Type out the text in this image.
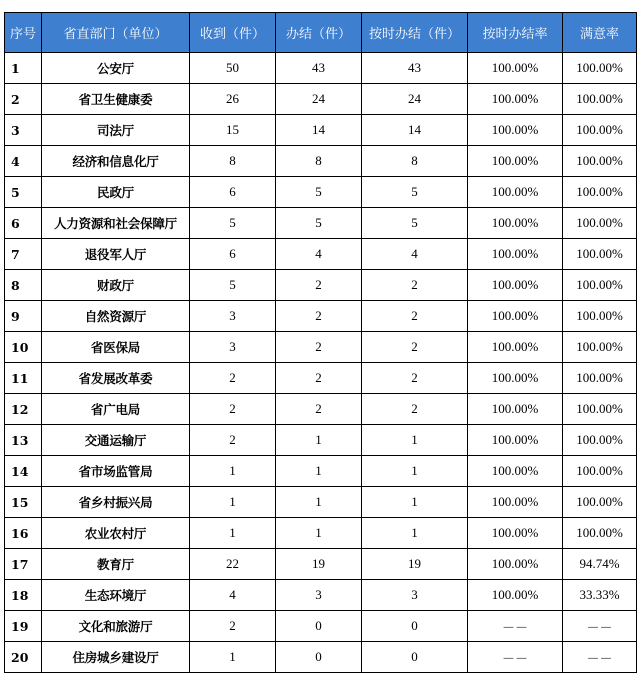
序号	省直部门（单位）	收到（件）	办结（件）	按时办结（件）	按时办结率	满意率
1	公安厅	50	43	43	100.00%	100.00%
2	省卫生健康委	26	24	24	100.00%	100.00%
3	司法厅	15	14	14	100.00%	100.00%
4	经济和信息化厅	8	8	8	100.00%	100.00%
5	民政厅	6	5	5	100.00%	100.00%
6	人力资源和社会保障厅	5	5	5	100.00%	100.00%
7	退役军人厅	6	4	4	100.00%	100.00%
8	财政厅	5	2	2	100.00%	100.00%
9	自然资源厅	3	2	2	100.00%	100.00%
10	省医保局	3	2	2	100.00%	100.00%
11	省发展改革委	2	2	2	100.00%	100.00%
12	省广电局	2	2	2	100.00%	100.00%
13	交通运输厅	2	1	1	100.00%	100.00%
14	省市场监管局	1	1	1	100.00%	100.00%
15	省乡村振兴局	1	1	1	100.00%	100.00%
16	农业农村厅	1	1	1	100.00%	100.00%
17	教育厅	22	19	19	100.00%	94.74%
18	生态环境厅	4	3	3	100.00%	33.33%
19	文化和旅游厅	2	0	0	－－	－－
20	住房城乡建设厅	1	0	0	－－	－－
